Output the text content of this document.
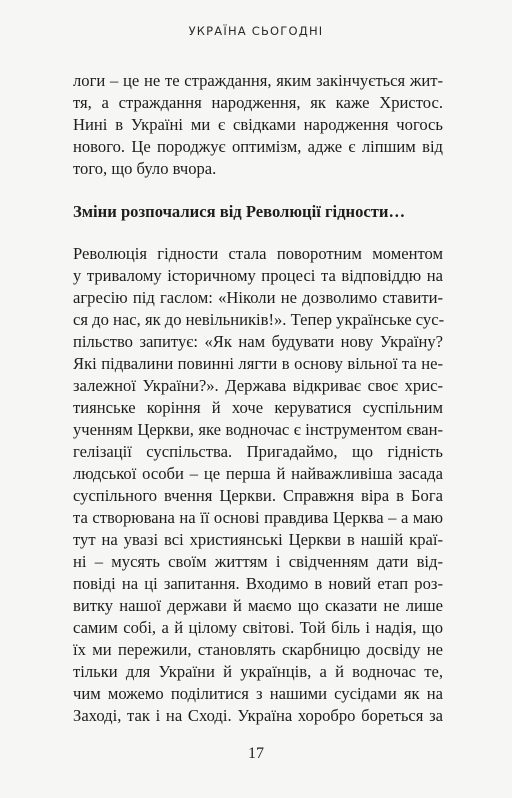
УКРАЇНА СЬОГОДНІ
логи – це не те страждання, яким закінчується жит-
тя, а страждання народження, як каже Христос.
Нині в Україні ми є свідками народження чогось
нового. Це породжує оптимізм, адже є ліпшим від
того, що було вчора.
Зміни розпочалися від Революції гідности…
Революція гідности стала поворотним моментом
у тривалому історичному процесі та відповіддю на
агресію під гаслом: «Ніколи не дозволимо ставити-
ся до нас, як до невільників!». Тепер українське сус-
пільство запитує: «Як нам будувати нову Україну?
Які підвалини повинні лягти в основу вільної та не-
залежної України?». Держава відкриває своє хрис-
тиянське коріння й хоче керуватися суспільним
ученням Церкви, яке водночас є інструментом єван-
гелізації суспільства. Пригадаймо, що гідність
людської особи – це перша й найважливіша засада
суспільного вчення Церкви. Справжня віра в Бога
та створювана на її основі правдива Церква – а маю
тут на увазі всі християнські Церкви в нашій краї-
ні – мусять своїм життям і свідченням дати від-
повіді на ці запитання. Входимо в новий етап роз-
витку нашої держави й маємо що сказати не лише
самим собі, а й цілому світові. Той біль і надія, що
їх ми пережили, становлять скарбницю досвіду не
тільки для України й українців, а й водночас те,
чим можемо поділитися з нашими сусідами як на
Заході, так і на Сході. Україна хоробро бореться за
17
